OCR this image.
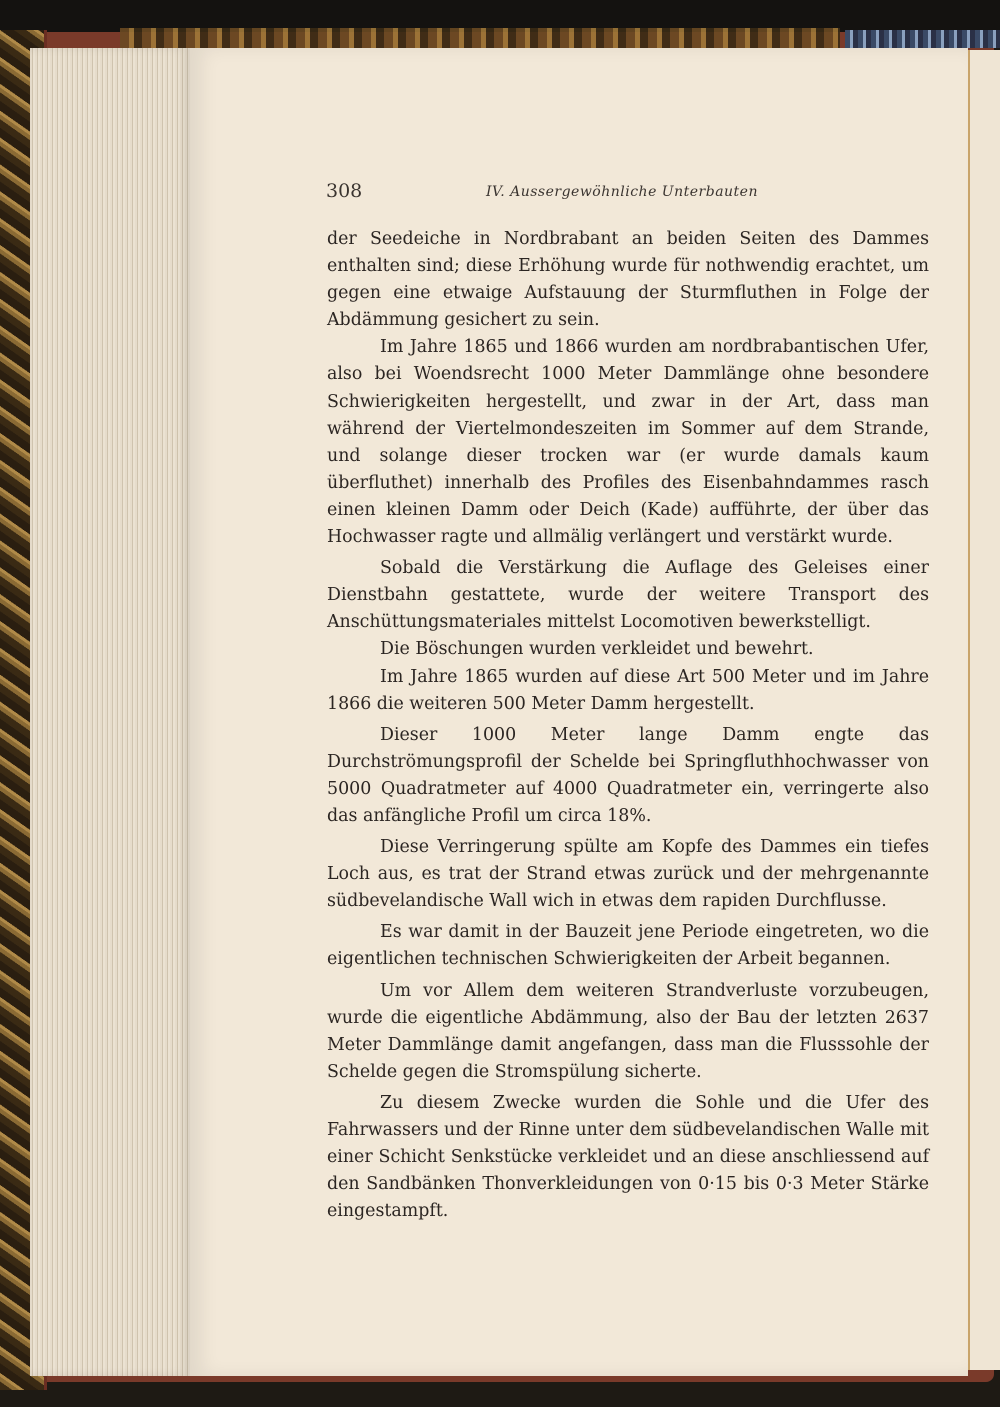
308	IV. Aussergewöhnliche Unterbauten

der Seedeiche in Nordbrabant an beiden Seiten des Dammes enthalten sind; diese Erhöhung wurde für nothwendig erachtet, um gegen eine etwaige Aufstauung der Sturmfluthen in Folge der Abdämmung gesichert zu sein.

Im Jahre 1865 und 1866 wurden am nordbrabantischen Ufer, also bei Woendsrecht 1000 Meter Dammlänge ohne besondere Schwierigkeiten hergestellt, und zwar in der Art, dass man während der Viertelmondeszeiten im Sommer auf dem Strande, und solange dieser trocken war (er wurde damals kaum überfluthet) innerhalb des Profiles des Eisenbahndammes rasch einen kleinen Damm oder Deich (Kade) aufführte, der über das Hochwasser ragte und allmälig verlängert und verstärkt wurde.

Sobald die Verstärkung die Auflage des Geleises einer Dienstbahn gestattete, wurde der weitere Transport des Anschüttungsmateriales mittelst Locomotiven bewerkstelligt.

Die Böschungen wurden verkleidet und bewehrt.

Im Jahre 1865 wurden auf diese Art 500 Meter und im Jahre 1866 die weiteren 500 Meter Damm hergestellt.

Dieser 1000 Meter lange Damm engte das Durchströmungsprofil der Schelde bei Springfluthhochwasser von 5000 Quadratmeter auf 4000 Quadratmeter ein, verringerte also das anfängliche Profil um circa 18%.

Diese Verringerung spülte am Kopfe des Dammes ein tiefes Loch aus, es trat der Strand etwas zurück und der mehrgenannte südbevelandische Wall wich in etwas dem rapiden Durchflusse.

Es war damit in der Bauzeit jene Periode eingetreten, wo die eigentlichen technischen Schwierigkeiten der Arbeit begannen.

Um vor Allem dem weiteren Strandverluste vorzubeugen, wurde die eigentliche Abdämmung, also der Bau der letzten 2637 Meter Dammlänge damit angefangen, dass man die Flusssohle der Schelde gegen die Stromspülung sicherte.

Zu diesem Zwecke wurden die Sohle und die Ufer des Fahrwassers und der Rinne unter dem südbevelandischen Walle mit einer Schicht Senkstücke verkleidet und an diese anschliessend auf den Sandbänken Thonverkleidungen von 0·15 bis 0·3 Meter Stärke eingestampft.
